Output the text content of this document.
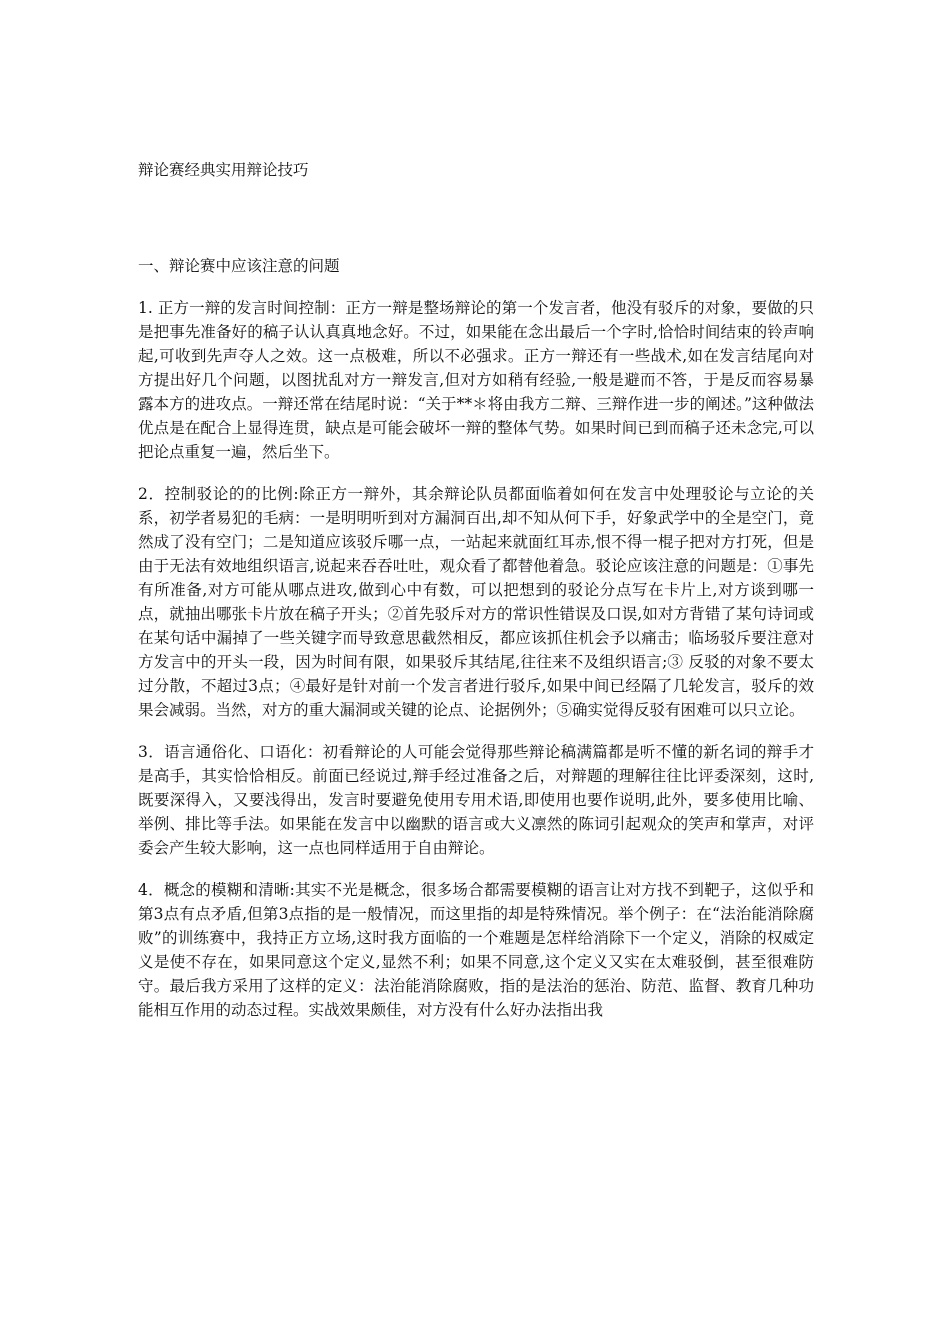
辩论赛经典实用辩论技巧
一、辩论赛中应该注意的问题

1. 正方一辩的发言时间控制：正方一辩是整场辩论的第一个发言者，他没有驳斥的对象，要做的只是把事先准备好的稿子认认真真地念好。不过，如果能在念出最后一个字时,恰恰时间结束的铃声响起,可收到先声夺人之效。这一点极难，所以不必强求。正方一辩还有一些战术,如在发言结尾向对方提出好几个问题，以图扰乱对方一辩发言,但对方如稍有经验,一般是避而不答，于是反而容易暴露本方的进攻点。一辩还常在结尾时说：“关于**＊将由我方二辩、三辩作进一步的阐述。”这种做法优点是在配合上显得连贯，缺点是可能会破坏一辩的整体气势。如果时间已到而稿子还未念完,可以把论点重复一遍，然后坐下。

2．控制驳论的的比例:除正方一辩外，其余辩论队员都面临着如何在发言中处理驳论与立论的关系，初学者易犯的毛病：一是明明听到对方漏洞百出,却不知从何下手，好象武学中的全是空门，竟然成了没有空门；二是知道应该驳斥哪一点，一站起来就面红耳赤,恨不得一棍子把对方打死，但是由于无法有效地组织语言,说起来吞吞吐吐，观众看了都替他着急。驳论应该注意的问题是：①事先有所准备,对方可能从哪点进攻,做到心中有数，可以把想到的驳论分点写在卡片上,对方谈到哪一点，就抽出哪张卡片放在稿子开头；②首先驳斥对方的常识性错误及口误,如对方背错了某句诗词或在某句话中漏掉了一些关键字而导致意思截然相反，都应该抓住机会予以痛击；临场驳斥要注意对方发言中的开头一段，因为时间有限，如果驳斥其结尾,往往来不及组织语言;③ 反驳的对象不要太过分散，不超过3点；④最好是针对前一个发言者进行驳斥,如果中间已经隔了几轮发言，驳斥的效果会减弱。当然，对方的重大漏洞或关键的论点、论据例外；⑤确实觉得反驳有困难可以只立论。

3．语言通俗化、口语化：初看辩论的人可能会觉得那些辩论稿满篇都是听不懂的新名词的辩手才是高手，其实恰恰相反。前面已经说过,辩手经过准备之后，对辩题的理解往往比评委深刻，这时,既要深得入，又要浅得出，发言时要避免使用专用术语,即使用也要作说明,此外，要多使用比喻、举例、排比等手法。如果能在发言中以幽默的语言或大义凛然的陈词引起观众的笑声和掌声，对评委会产生较大影响，这一点也同样适用于自由辩论。

4．概念的模糊和清晰:其实不光是概念，很多场合都需要模糊的语言让对方找不到靶子，这似乎和第3点有点矛盾,但第3点指的是一般情况，而这里指的却是特殊情况。举个例子：在“法治能消除腐败”的训练赛中，我持正方立场,这时我方面临的一个难题是怎样给消除下一个定义，消除的权威定义是使不存在，如果同意这个定义,显然不利；如果不同意,这个定义又实在太难驳倒，甚至很难防守。最后我方采用了这样的定义：法治能消除腐败，指的是法治的惩治、防范、监督、教育几种功能相互作用的动态过程。实战效果颇佳，对方没有什么好办法指出我
